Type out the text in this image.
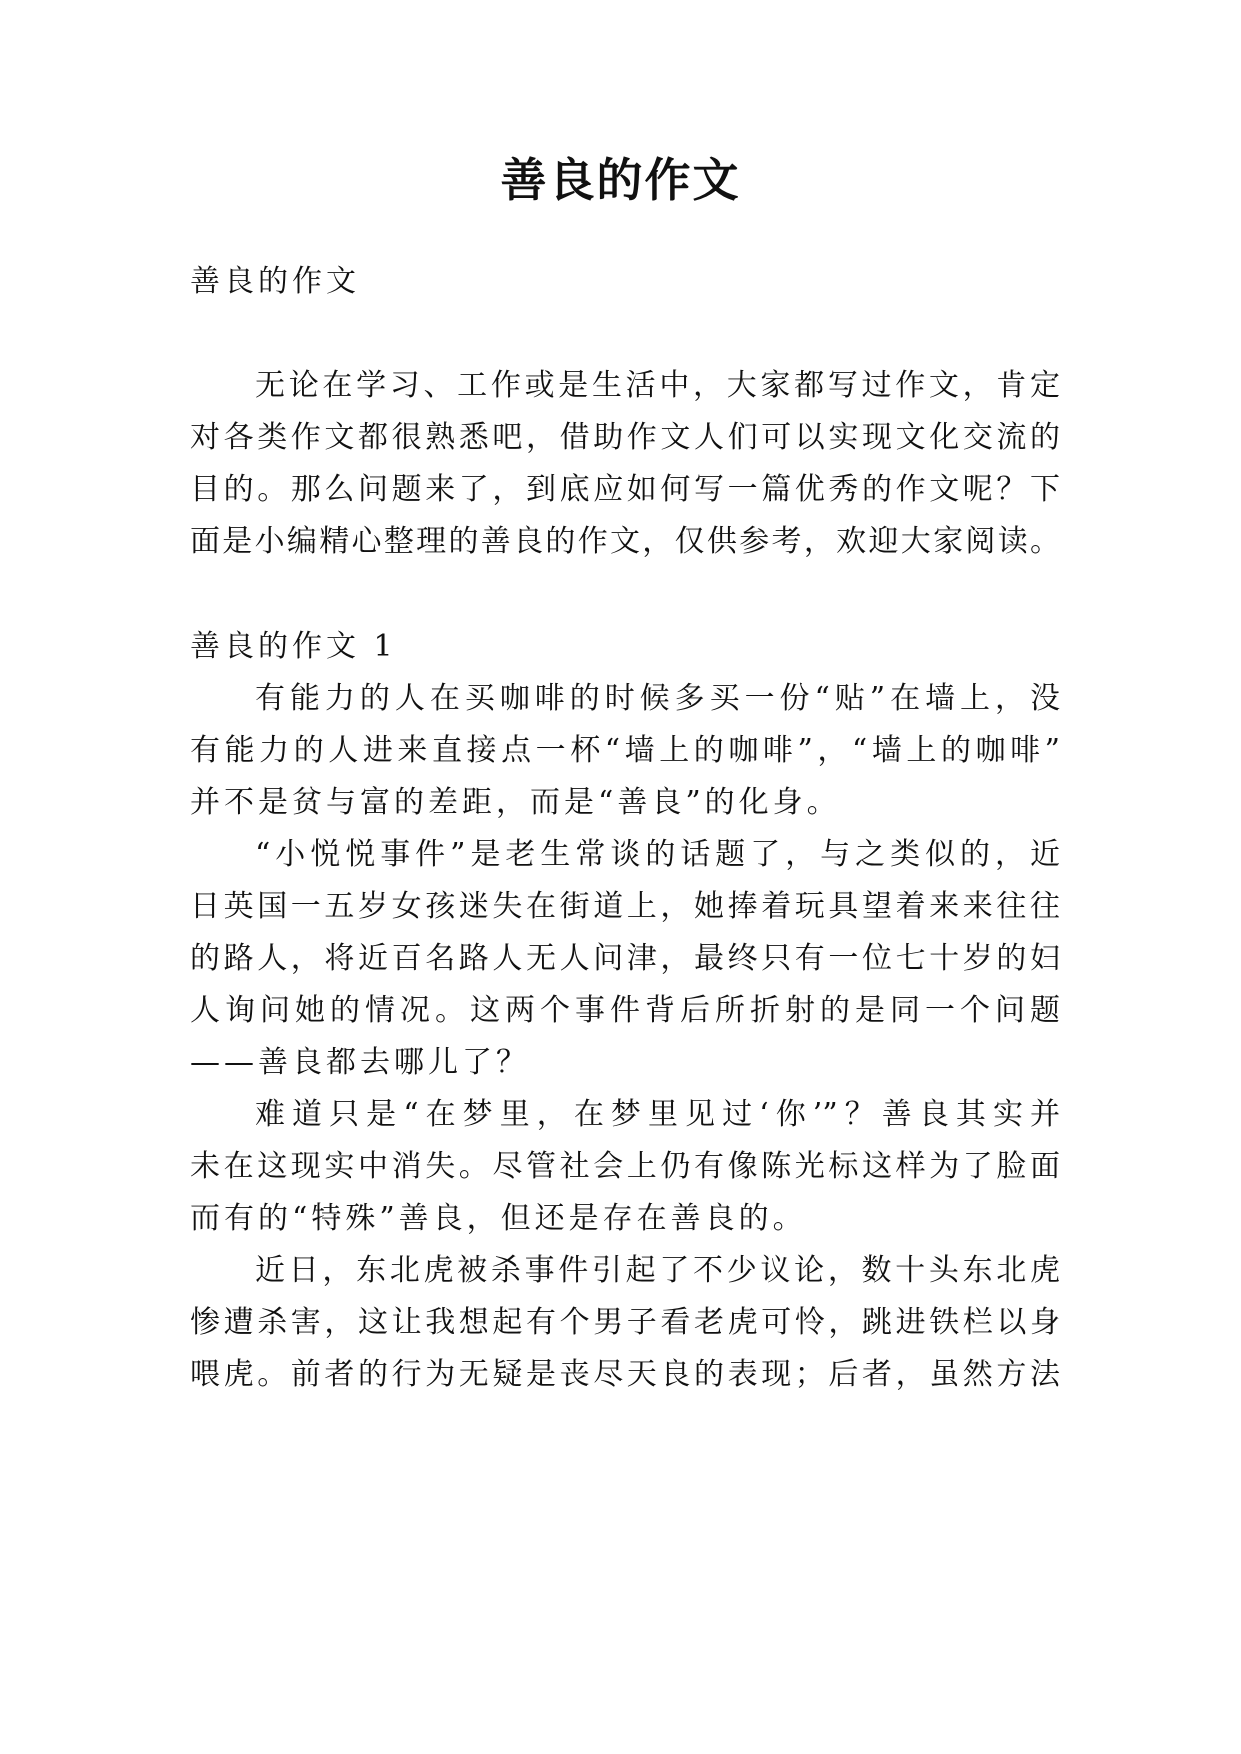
善良的作文
善良的作文
无论在学习、工作或是生活中，大家都写过作文，肯定
对各类作文都很熟悉吧，借助作文人们可以实现文化交流的
目的。那么问题来了，到底应如何写一篇优秀的作文呢？下
面是小编精心整理的善良的作文，仅供参考，欢迎大家阅读。
善良的作文 1
有能力的人在买咖啡的时候多买一份“贴”在墙上，没
有能力的人进来直接点一杯“墙上的咖啡”，“墙上的咖啡”
并不是贫与富的差距，而是“善良”的化身。
“小悦悦事件”是老生常谈的话题了，与之类似的，近
日英国一五岁女孩迷失在街道上，她捧着玩具望着来来往往
的路人，将近百名路人无人问津，最终只有一位七十岁的妇
人询问她的情况。这两个事件背后所折射的是同一个问题
——善良都去哪儿了？
难道只是“在梦里，在梦里见过‘你’”？善良其实并
未在这现实中消失。尽管社会上仍有像陈光标这样为了脸面
而有的“特殊”善良，但还是存在善良的。
近日，东北虎被杀事件引起了不少议论，数十头东北虎
惨遭杀害，这让我想起有个男子看老虎可怜，跳进铁栏以身
喂虎。前者的行为无疑是丧尽天良的表现；后者，虽然方法
